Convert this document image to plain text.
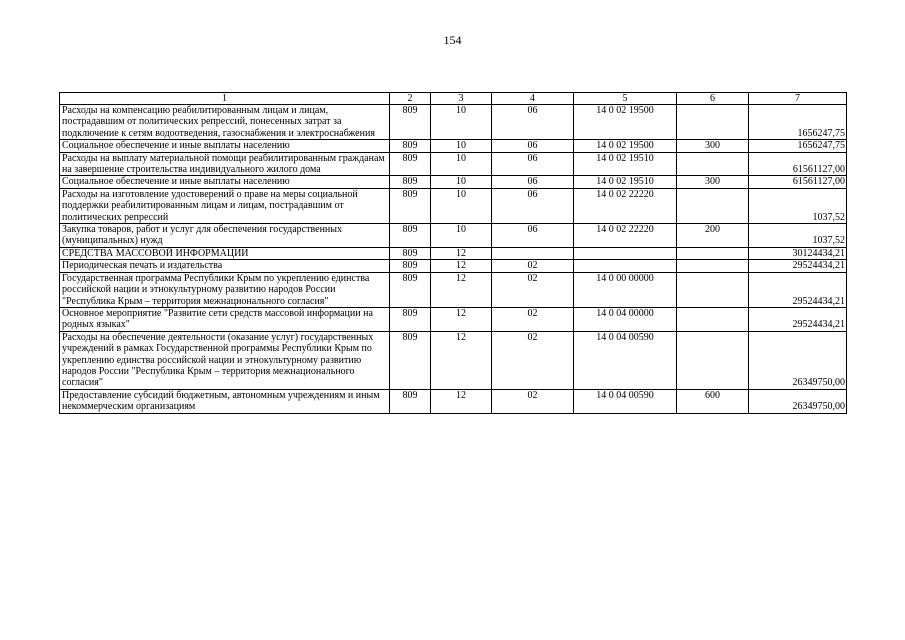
154
1	2	3	4	5	6	7
Расходы на компенсацию реабилитированным лицам и лицам, пострадавшим от политических репрессий, понесенных затрат за подключение к сетям водоотведения, газоснабжения и электроснабжения	809	10	06	14 0 02 19500		1656247,75
Социальное обеспечение и иные выплаты населению	809	10	06	14 0 02 19500	300	1656247,75
Расходы на выплату материальной помощи реабилитированным гражданам на завершение строительства индивидуального жилого дома	809	10	06	14 0 02 19510		61561127,00
Социальное обеспечение и иные выплаты населению	809	10	06	14 0 02 19510	300	61561127,00
Расходы на изготовление удостоверений о праве на меры социальной поддержки реабилитированным лицам и лицам, пострадавшим от политических репрессий	809	10	06	14 0 02 22220		1037,52
Закупка товаров, работ и услуг для обеспечения государственных (муниципальных) нужд	809	10	06	14 0 02 22220	200	1037,52
СРЕДСТВА МАССОВОЙ ИНФОРМАЦИИ	809	12				30124434,21
Периодическая печать и издательства	809	12	02			29524434,21
Государственная программа Республики Крым по укреплению единства российской нации и этнокультурному развитию народов России "Республика Крым – территория межнационального согласия"	809	12	02	14 0 00 00000		29524434,21
Основное мероприятие "Развитие сети средств массовой информации на родных языках"	809	12	02	14 0 04 00000		29524434,21
Расходы на обеспечение деятельности (оказание услуг) государственных учреждений в рамках Государственной программы Республики Крым по укреплению единства российской нации и этнокультурному развитию народов России "Республика Крым – территория межнационального согласия"	809	12	02	14 0 04 00590		26349750,00
Предоставление субсидий бюджетным, автономным учреждениям и иным некоммерческим организациям	809	12	02	14 0 04 00590	600	26349750,00
